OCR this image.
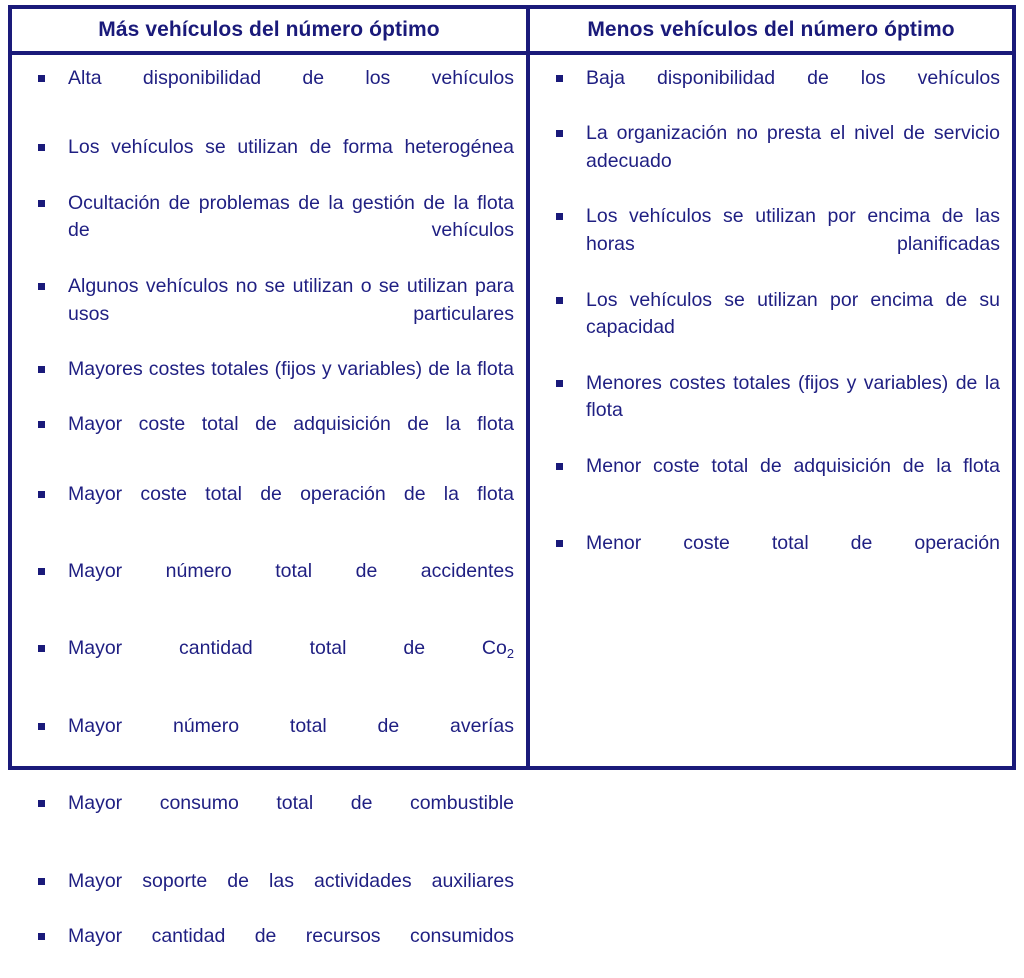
Más vehículos del número óptimo	Menos vehículos del número óptimo
Alta disponibilidad de los vehículos
Los vehículos se utilizan de forma heterogénea
Ocultación de problemas de la gestión de la flota de vehículos
Algunos vehículos no se utilizan o se utilizan para usos particulares
Mayores costes totales (fijos y variables) de la flota
Mayor coste total de adquisición de la flota
Mayor coste total de operación de la flota
Mayor número total de accidentes
Mayor cantidad total de $Co_2$
Mayor número total de averías
Mayor consumo total de combustible
Mayor soporte de las actividades auxiliares
Mayor cantidad de recursos consumidos
Baja disponibilidad de los vehículos
La organización no presta el nivel de servicio adecuado
Los vehículos se utilizan por encima de las horas planificadas
Los vehículos se utilizan por encima de su capacidad
Menores costes totales (fijos y variables) de la flota
Menor coste total de adquisición de la flota
Menor coste total de operación
